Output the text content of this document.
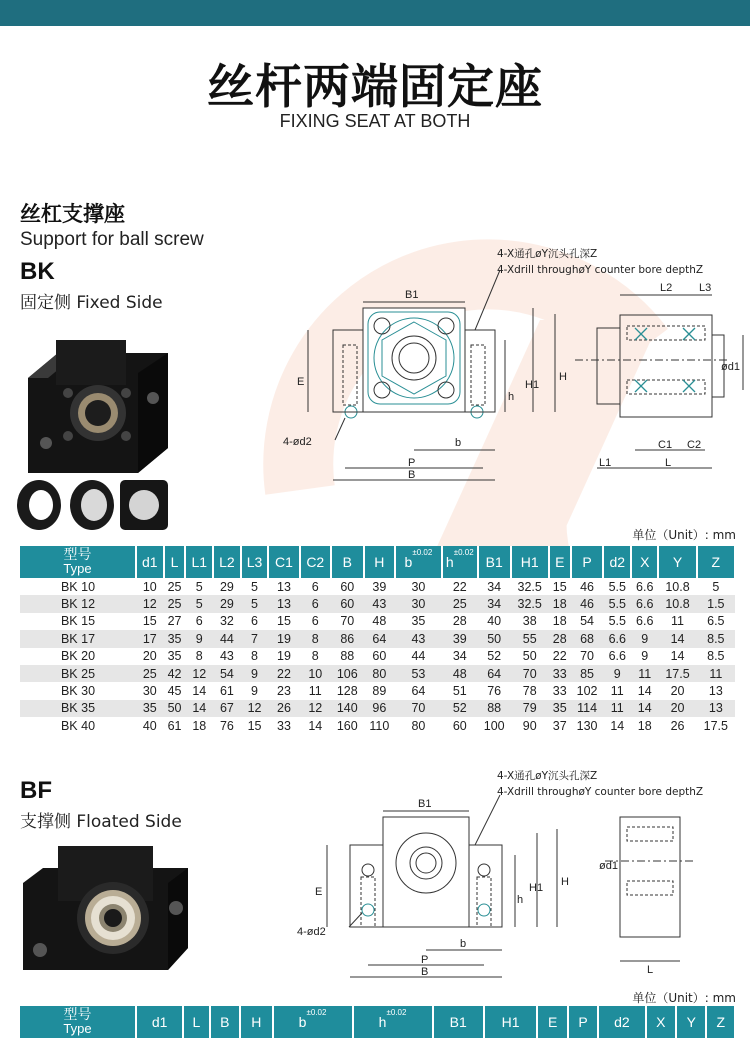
丝杆两端固定座
FIXING SEAT AT BOTH
丝杠支撑座
Support for ball screw
BK
固定侧 Fixed Side
4-X通孔øY沉头孔深Z
4-Xdrill throughøY counter bore depthZ
B1
E
4-ød2
h
H1
H
b
P
B
L2 L3
ød1
C1 C2
L1	L
单位（Unit）: mm
型号
Type	d1	L	L1	L2	L3	C1	C2	B	H	$b^{\pm 0.02}$	$h^{\pm 0.02}$	B1	H1	E	P	d2	X	Y	Z
BK 10	10	25	5	29	5	13	6	60	39	30	22	34	32.5	15	46	5.5	6.6	10.8	5
BK 12	12	25	5	29	5	13	6	60	43	30	25	34	32.5	18	46	5.5	6.6	10.8	1.5
BK 15	15	27	6	32	6	15	6	70	48	35	28	40	38	18	54	5.5	6.6	11	6.5
BK 17	17	35	9	44	7	19	8	86	64	43	39	50	55	28	68	6.6	9	14	8.5
BK 20	20	35	8	43	8	19	8	88	60	44	34	52	50	22	70	6.6	9	14	8.5
BK 25	25	42	12	54	9	22	10	106	80	53	48	64	70	33	85	9	11	17.5	11
BK 30	30	45	14	61	9	23	11	128	89	64	51	76	78	33	102	11	14	20	13
BK 35	35	50	14	67	12	26	12	140	96	70	52	88	79	35	114	11	14	20	13
BK 40	40	61	18	76	15	33	14	160	110	80	60	100	90	37	130	14	18	26	17.5
BF
支撑侧 Floated Side
4-X通孔øY沉头孔深Z
4-Xdrill throughøY counter bore depthZ
B1
E
4-ød2
h
H1 H
b
P
B
ød1
L
单位（Unit）: mm
型号
Type	d1	L	B	H	$b^{\pm 0.02}$	$h^{\pm 0.02}$	B1	H1	E	P	d2	X	Y	Z
